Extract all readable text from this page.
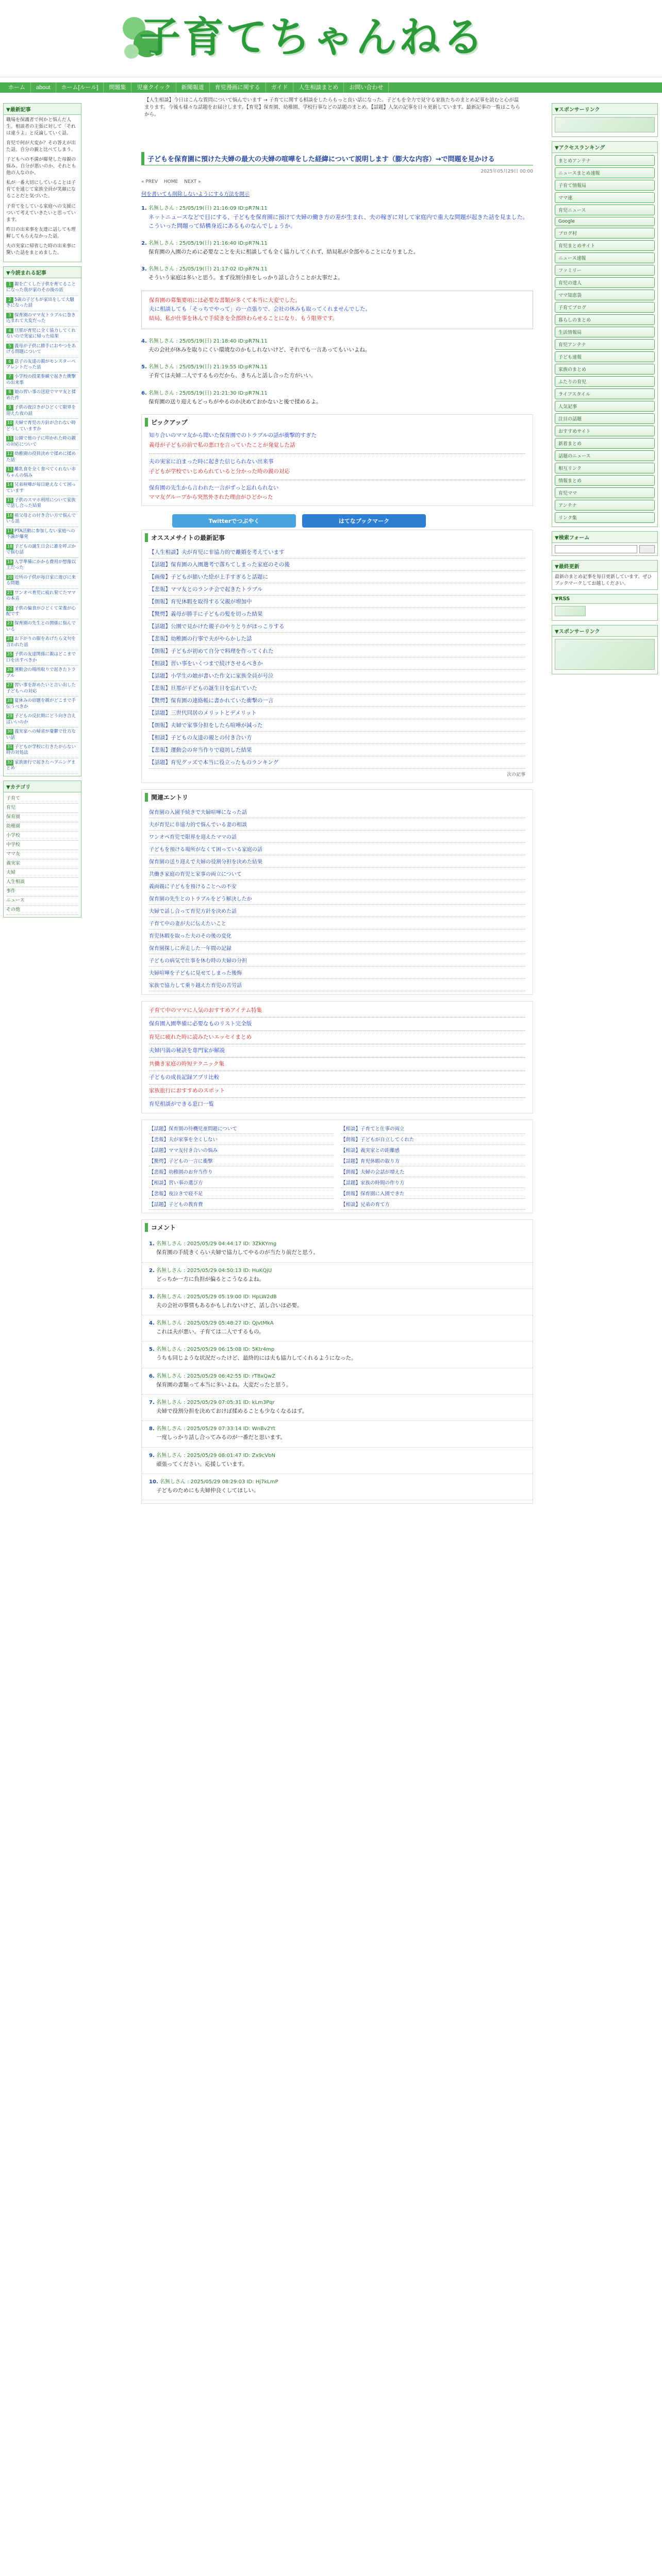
子育てちゃんねる
ホーム	about	ホーム[ルール]	問題集	児童クイック	新聞報道	育児漫画に関する	ガイド	人生相談まとめ	お問い合わせ
【人生相談】今日はこんな質問について悩んでいます → 子育てに関する相談をしたらもっと良い話になった。子どもを全力で見守る家族たちのまとめ記事を読むと心が温まります。今後も様々な話題をお届けします。【育児】保育園、幼稚園、学校行事などの話題のまとめ。【話題】人気の記事を日々更新しています。最新記事の一覧はこちらから。
▼最新記事

職場を保護者で何かと悩んだ人生。相談者の主張に対して「それは違うよ」と反論していく話。

育児で何が大変か？その答えが出た話。自分の親と比べてしまう。

子どもへの不満が爆発した母親の悩み。自分が悪いのか、それとも他の人なのか。

私が一番大切にしていることは子育てを通じて家族全員が笑顔になることだと気づいた。

子育てをしている家庭への支援について考えていきたいと思っています。

昨日の出来事を友達に話しても理解してもらえなかった話。

夫の実家に帰省した時の出来事に驚いた話をまとめました。

▼今読まれる記事
1 親を亡くした子供を育てることになった我が家のその後の話
2 5歳の子どもが家出をして大騒ぎになった話
3 保育園のママ友トラブルに巻き込まれて大変だった
4 旦那が育児に全く協力してくれないので実家に帰った結果
5 義母が子供に勝手におやつをあげる問題について
6 息子の友達の親がモンスターペアレントだった話
7 小学校の授業参観で起きた衝撃の出来事
8 娘の習い事の送迎でママ友と揉めた件
9 子供の夜泣きがひどくて限界を迎えた夜の話
10 夫婦で育児の方針が合わない時どうしていますか
11 公園で他の子に叩かれた時の親の対応について
12 幼稚園の役員決めで揉めに揉めた話
13 離乳食を全く食べてくれない赤ちゃんの悩み
14 兄弟喧嘩が毎日絶えなくて困っています
15 子供のスマホ利用について家族で話し合った結果
16 祖父母との付き合い方で悩んでいる話
17 PTA活動に参加しない家庭への不満が爆発
18 子どもの誕生日会に誰を呼ぶかで悩む話
19 入学準備にかかる費用が想像以上だった
20 近所の子供が毎日家に遊びに来る問題
21 ワンオペ育児に疲れ果てたママの本音
22 子供の偏食がひどくて栄養が心配です
23 保育園の先生との関係に悩んでいる
24 お下がりの服をあげたら文句を言われた話
25 子供の友達関係に親はどこまで口を出すべきか
26 運動会の場所取りで起きたトラブル
27 習い事を辞めたいと言い出した子どもへの対応
28 夏休みの宿題を親がどこまで手伝うべきか
29 子どもの反抗期にどう向き合えばいいのか
30 義実家への帰省が憂鬱で仕方ない話
31 子どもが学校に行きたがらない時の対処法
32 家族旅行で起きたハプニングまとめ
▼カテゴリ
子育て
育児
保育園
幼稚園
小学校
中学校
ママ友
義実家
夫婦
人生相談
事件
ニュース
その他
▼スポンサーリンク
▼アクセスランキング
まとめアンテナ
ニュースまとめ速報
子育て情報局
ママ速
育児ニュース
Google
ブログ村
育児まとめサイト
ニュース速報
ファミリー
育児の達人
ママ知恵袋
子育てブログ
暮らしのまとめ
生活情報局
育児アンテナ
子ども速報
家族のまとめ
ふたりの育児
ライフスタイル
人気記事
注目の話題
おすすめサイト
新着まとめ
話題のニュース
相互リンク
情報まとめ
育児ママ
アンテナ
リンク集
▼検索フォーム
▼最終更新
最新のまとめ記事を毎日更新しています。ぜひブックマークしてお越しください。
▼RSS
▼スポンサーリンク
子どもを保育園に預けた夫婦の最大の夫婦の喧嘩をした経緯について説明します（膨大な内容）→で問題を見かける
2025年05月29日 00:00
« PREV HOME NEXT »
何を書いても削除しないようにする方法を開示
1. 名無しさん : 25/05/19(日) 21:16:09 ID:pR7N.11
ネットニュースなどで目にする、子どもを保育園に預けて夫婦の働き方の差が生まれ、夫の稼ぎに対して家庭内で重大な問題が起きた話を見ました。こういった問題って結構身近にあるものなんでしょうか。
2. 名無しさん : 25/05/19(日) 21:16:40 ID:pR7N.11
保育園の入園のために必要なことを夫に相談しても全く協力してくれず、結局私が全部やることになりました。
3. 名無しさん : 25/05/19(日) 21:17:02 ID:pR7N.11
そういう家庭は多いと思う。まず役割分担をしっかり話し合うことが大事だよ。

保育園の募集要項には必要な書類が多くて本当に大変でした。

夫に相談しても「そっちでやって」の一点張りで、会社の休みも取ってくれませんでした。

結局、私が仕事を休んで手続きを全部終わらせることになり、もう限界です。

4. 名無しさん : 25/05/19(日) 21:18:40 ID:pR7N.11
夫の会社が休みを取りにくい環境なのかもしれないけど、それでも一言あってもいいよね。
5. 名無しさん : 25/05/19(日) 21:19:55 ID:pR7N.11
子育ては夫婦二人でするものだから、きちんと話し合った方がいい。
6. 名無しさん : 25/05/19(日) 21:21:30 ID:pR7N.11
保育園の送り迎えもどっちがやるのか決めておかないと後で揉めるよ。
ピックアップ
知り合いのママ友から聞いた保育園でのトラブルの話が衝撃的すぎた
義母が子どもの前で私の悪口を言っていたことが発覚した話
夫の実家に泊まった時に起きた信じられない出来事
子どもが学校でいじめられていると分かった時の親の対応
保育園の先生から言われた一言がずっと忘れられない
ママ友グループから突然外された理由がひどかった
Twitterでつぶやく	はてなブックマーク
オススメサイトの最新記事
【人生相談】夫が育児に非協力的で離婚を考えています
【話題】保育園の入園選考で落ちてしまった家庭のその後
【画像】子どもが描いた絵が上手すぎると話題に
【悲報】ママ友とのランチ会で起きたトラブル
【朗報】育児休暇を取得する父親が増加中
【驚愕】義母が勝手に子どもの髪を切った結果
【話題】公園で見かけた親子のやりとりがほっこりする
【悲報】幼稚園の行事で夫がやらかした話
【朗報】子どもが初めて自分で料理を作ってくれた
【相談】習い事をいくつまで続けさせるべきか
【話題】小学生の娘が書いた作文に家族全員が号泣
【悲報】旦那が子どもの誕生日を忘れていた
【驚愕】保育園の連絡帳に書かれていた衝撃の一言
【話題】三世代同居のメリットとデメリット
【朗報】夫婦で家事分担をしたら喧嘩が減った
【相談】子どもの友達の親との付き合い方
【悲報】運動会の弁当作りで寝坊した結果
【話題】育児グッズで本当に役立ったものランキング
次の記事
関連エントリ
保育園の入園手続きで夫婦喧嘩になった話
夫が育児に非協力的で悩んでいる妻の相談
ワンオペ育児で限界を迎えたママの話
子どもを預ける場所がなくて困っている家庭の話
保育園の送り迎えで夫婦の役割分担を決めた結果
共働き家庭の育児と家事の両立について
義両親に子どもを預けることへの不安
保育園の先生とのトラブルをどう解決したか
夫婦で話し合って育児方針を決めた話
子育て中の妻が夫に伝えたいこと
育児休暇を取った夫のその後の変化
保育園探しに奔走した一年間の記録
子どもの病気で仕事を休む時の夫婦の分担
夫婦喧嘩を子どもに見せてしまった後悔
家族で協力して乗り越えた育児の苦労話
子育て中のママに人気のおすすめアイテム特集
保育園入園準備に必要なものリスト完全版
育児に疲れた時に読みたいエッセイまとめ
夫婦円満の秘訣を専門家が解説
共働き家庭の時短テクニック集
子どもの成長記録アプリ比較
家族旅行におすすめのスポット
育児相談ができる窓口一覧
【話題】保育園の待機児童問題について	【相談】子育てと仕事の両立
【悲報】夫が家事を全くしない	【朗報】子どもが自立してくれた
【話題】ママ友付き合いの悩み	【相談】義実家との距離感
【驚愕】子どもの一言に衝撃	【話題】育児休暇の取り方
【悲報】幼稚園のお弁当作り	【朗報】夫婦の会話が増えた
【相談】習い事の選び方	【話題】家族の時間の作り方
【悲報】夜泣きで寝不足	【朗報】保育園に入園できた
【話題】子どもの教育費	【相談】兄弟の育て方
コメント
1. 名無しさん : 2025/05/29 04:44:17 ID: 3ZkKYmg
保育園の手続きくらい夫婦で協力してやるのが当たり前だと思う。
2. 名無しさん : 2025/05/29 04:50:13 ID: HuKQjU
どっちか一方に負担が偏るとこうなるよね。
3. 名無しさん : 2025/05/29 05:19:00 ID: HpLW2dB
夫の会社の事情もあるかもしれないけど、話し合いは必要。
4. 名無しさん : 2025/05/29 05:48:27 ID: QJvtMkA
これは夫が悪い。子育ては二人でするもの。
5. 名無しさん : 2025/05/29 06:15:08 ID: 5Ktr4mp
うちも同じような状況だったけど、最終的には夫も協力してくれるようになった。
6. 名無しさん : 2025/05/29 06:42:55 ID: rT8xQwZ
保育園の書類って本当に多いよね。大変だったと思う。
7. 名無しさん : 2025/05/29 07:05:31 ID: kLm3Pqr
夫婦で役割分担を決めておけば揉めることも少なくなるはず。
8. 名無しさん : 2025/05/29 07:33:14 ID: WnBv2Yt
一度しっかり話し合ってみるのが一番だと思います。
9. 名無しさん : 2025/05/29 08:01:47 ID: Zx9cVbN
頑張ってください。応援しています。
10. 名無しさん : 2025/05/29 08:29:03 ID: Hj7kLmP
子どものためにも夫婦仲良くしてほしい。
